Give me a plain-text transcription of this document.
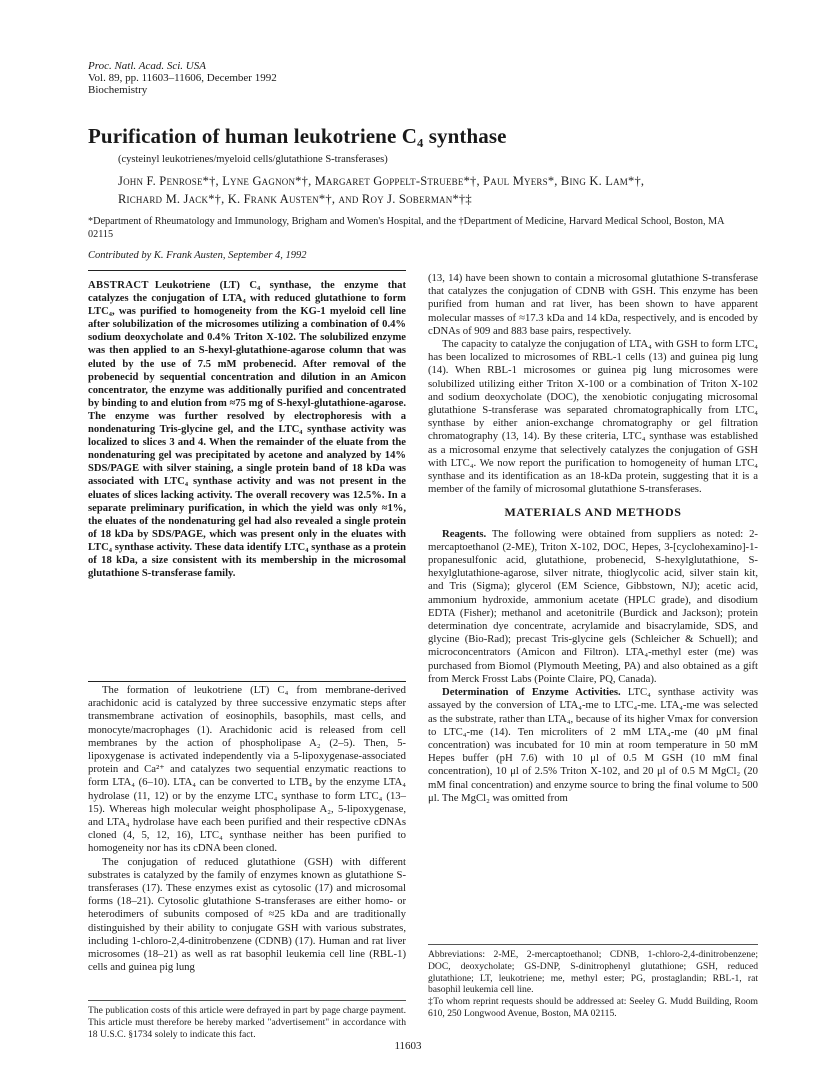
Proc. Natl. Acad. Sci. USA
Vol. 89, pp. 11603–11606, December 1992
Biochemistry
Purification of human leukotriene C₄ synthase
(cysteinyl leukotrienes/myeloid cells/glutathione S-transferases)
John F. Penrose*†, Lyne Gagnon*†, Margaret Goppelt-Struebe*†, Paul Myers*, Bing K. Lam*†,
Richard M. Jack*†, K. Frank Austen*†, and Roy J. Soberman*†‡
*Department of Rheumatology and Immunology, Brigham and Women's Hospital, and the †Department of Medicine, Harvard Medical School, Boston, MA 02115
Contributed by K. Frank Austen, September 4, 1992

ABSTRACT Leukotriene (LT) C₄ synthase, the enzyme that catalyzes the conjugation of LTA₄ with reduced glutathione to form LTC₄, was purified to homogeneity from the KG-1 myeloid cell line after solubilization of the microsomes utilizing a combination of 0.4% sodium deoxycholate and 0.4% Triton X-102. The solubilized enzyme was then applied to an S-hexyl-glutathione-agarose column that was eluted by the use of 7.5 mM probenecid. After removal of the probenecid by sequential concentration and dilution in an Amicon concentrator, the enzyme was additionally purified and concentrated by binding to and elution from ≈75 mg of S-hexyl-glutathione-agarose. The enzyme was further resolved by electrophoresis with a nondenaturing Tris-glycine gel, and the LTC₄ synthase activity was localized to slices 3 and 4. When the remainder of the eluate from the nondenaturing gel was precipitated by acetone and analyzed by 14% SDS/PAGE with silver staining, a single protein band of 18 kDa was associated with LTC₄ synthase activity and was not present in the eluates of slices lacking activity. The overall recovery was 12.5%. In a separate preliminary purification, in which the yield was only ≈1%, the eluates of the nondenaturing gel had also revealed a single protein of 18 kDa by SDS/PAGE, which was present only in the eluates with LTC₄ synthase activity. These data identify LTC₄ synthase as a protein of 18 kDa, a size consistent with its membership in the microsomal glutathione S-transferase family.

The formation of leukotriene (LT) C₄ from membrane-derived arachidonic acid is catalyzed by three successive enzymatic steps after transmembrane activation of eosinophils, basophils, mast cells, and monocyte/macrophages (1). Arachidonic acid is released from cell membranes by the action of phospholipase A₂ (2–5). Then, 5-lipoxygenase is activated independently via a 5-lipoxygenase-associated protein and Ca²⁺ and catalyzes two sequential enzymatic reactions to form LTA₄ (6–10). LTA₄ can be converted to LTB₄ by the enzyme LTA₄ hydrolase (11, 12) or by the enzyme LTC₄ synthase to form LTC₄ (13–15). Whereas high molecular weight phospholipase A₂, 5-lipoxygenase, and LTA₄ hydrolase have each been purified and their respective cDNAs cloned (4, 5, 12, 16), LTC₄ synthase neither has been purified to homogeneity nor has its cDNA been cloned.

The conjugation of reduced glutathione (GSH) with different substrates is catalyzed by the family of enzymes known as glutathione S-transferases (17). These enzymes exist as cytosolic (17) and microsomal forms (18–21). Cytosolic glutathione S-transferases are either homo- or heterodimers of subunits composed of ≈25 kDa and are traditionally distinguished by their ability to conjugate GSH with various substrates, including 1-chloro-2,4-dinitrobenzene (CDNB) (17). Human and rat liver microsomes (18–21) as well as rat basophil leukemia cell line (RBL-1) cells and guinea pig lung

(13, 14) have been shown to contain a microsomal glutathione S-transferase that catalyzes the conjugation of CDNB with GSH. This enzyme has been purified from human and rat liver, has been shown to have apparent molecular masses of ≈17.3 kDa and 14 kDa, respectively, and is encoded by cDNAs of 909 and 883 base pairs, respectively.

The capacity to catalyze the conjugation of LTA₄ with GSH to form LTC₄ has been localized to microsomes of RBL-1 cells (13) and guinea pig lung (14). When RBL-1 microsomes or guinea pig lung microsomes were solubilized utilizing either Triton X-100 or a combination of Triton X-102 and sodium deoxycholate (DOC), the xenobiotic conjugating microsomal glutathione S-transferase was separated chromatographically from LTC₄ synthase by either anion-exchange chromatography or gel filtration chromatography (13, 14). By these criteria, LTC₄ synthase was established as a microsomal enzyme that selectively catalyzes the conjugation of GSH with LTC₄. We now report the purification to homogeneity of human LTC₄ synthase and its identification as an 18-kDa protein, suggesting that it is a member of the family of microsomal glutathione S-transferases.

MATERIALS AND METHODS

Reagents. The following were obtained from suppliers as noted: 2-mercaptoethanol (2-ME), Triton X-102, DOC, Hepes, 3-[cyclohexamino]-1-propanesulfonic acid, glutathione, probenecid, S-hexylglutathione, S-hexylglutathione-agarose, silver nitrate, thioglycolic acid, silver stain kit, and Tris (Sigma); glycerol (EM Science, Gibbstown, NJ); acetic acid, ammonium hydroxide, ammonium acetate (HPLC grade), and disodium EDTA (Fisher); methanol and acetonitrile (Burdick and Jackson); protein determination dye concentrate, acrylamide and bisacrylamide, SDS, and glycine (Bio-Rad); precast Tris-glycine gels (Schleicher & Schuell); and microconcentrators (Amicon and Filtron). LTA₄-methyl ester (me) was purchased from Biomol (Plymouth Meeting, PA) and also obtained as a gift from Merck Frosst Labs (Pointe Claire, PQ, Canada).

Determination of Enzyme Activities. LTC₄ synthase activity was assayed by the conversion of LTA₄-me to LTC₄-me. LTA₄-me was selected as the substrate, rather than LTA₄, because of its higher Vmax for conversion to LTC₄-me (14). Ten microliters of 2 mM LTA₄-me (40 μM final concentration) was incubated for 10 min at room temperature in 50 mM Hepes buffer (pH 7.6) with 10 μl of 0.5 M GSH (10 mM final concentration), 10 μl of 2.5% Triton X-102, and 20 μl of 0.5 M MgCl₂ (20 mM final concentration) and enzyme source to bring the final volume to 500 μl. The MgCl₂ was omitted from

The publication costs of this article were defrayed in part by page charge payment. This article must therefore be hereby marked "advertisement" in accordance with 18 U.S.C. §1734 solely to indicate this fact.
Abbreviations: 2-ME, 2-mercaptoethanol; CDNB, 1-chloro-2,4-dinitrobenzene; DOC, deoxycholate; GS-DNP, S-dinitrophenyl glutathione; GSH, reduced glutathione; LT, leukotriene; me, methyl ester; PG, prostaglandin; RBL-1, rat basophil leukemia cell line.
‡To whom reprint requests should be addressed at: Seeley G. Mudd Building, Room 610, 250 Longwood Avenue, Boston, MA 02115.
11603
